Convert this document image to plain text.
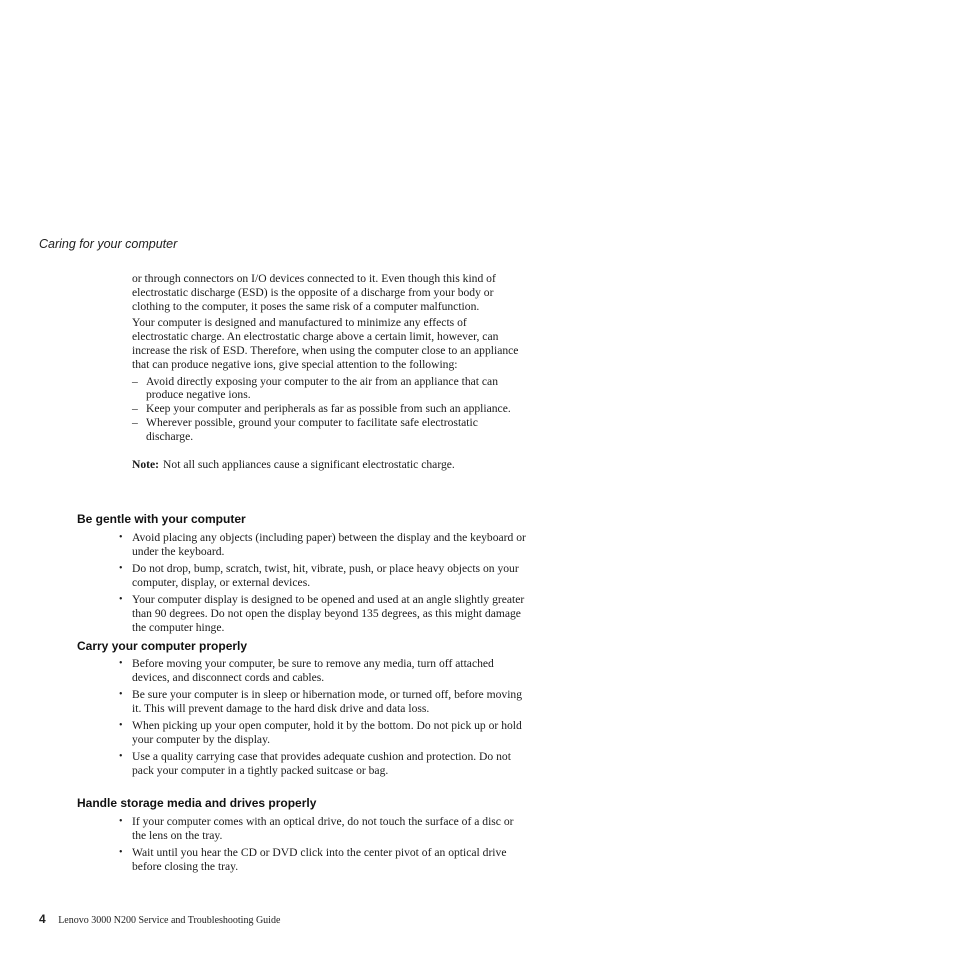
Caring for your computer

or through connectors on I/O devices connected to it. Even though this kind of electrostatic discharge (ESD) is the opposite of a discharge from your body or clothing to the computer, it poses the same risk of a computer malfunction.

Your computer is designed and manufactured to minimize any effects of electrostatic charge. An electrostatic charge above a certain limit, however, can increase the risk of ESD. Therefore, when using the computer close to an appliance that can produce negative ions, give special attention to the following:

– Avoid directly exposing your computer to the air from an appliance that can produce negative ions.
– Keep your computer and peripherals as far as possible from such an appliance.
– Wherever possible, ground your computer to facilitate safe electrostatic discharge.

Note: Not all such appliances cause a significant electrostatic charge.

Be gentle with your computer
• Avoid placing any objects (including paper) between the display and the keyboard or under the keyboard.
• Do not drop, bump, scratch, twist, hit, vibrate, push, or place heavy objects on your computer, display, or external devices.
• Your computer display is designed to be opened and used at an angle slightly greater than 90 degrees. Do not open the display beyond 135 degrees, as this might damage the computer hinge.
Carry your computer properly
• Before moving your computer, be sure to remove any media, turn off attached devices, and disconnect cords and cables.
• Be sure your computer is in sleep or hibernation mode, or turned off, before moving it. This will prevent damage to the hard disk drive and data loss.
• When picking up your open computer, hold it by the bottom. Do not pick up or hold your computer by the display.
• Use a quality carrying case that provides adequate cushion and protection. Do not pack your computer in a tightly packed suitcase or bag.
Handle storage media and drives properly
• If your computer comes with an optical drive, do not touch the surface of a disc or the lens on the tray.
• Wait until you hear the CD or DVD click into the center pivot of an optical drive before closing the tray.
4 Lenovo 3000 N200 Service and Troubleshooting Guide
